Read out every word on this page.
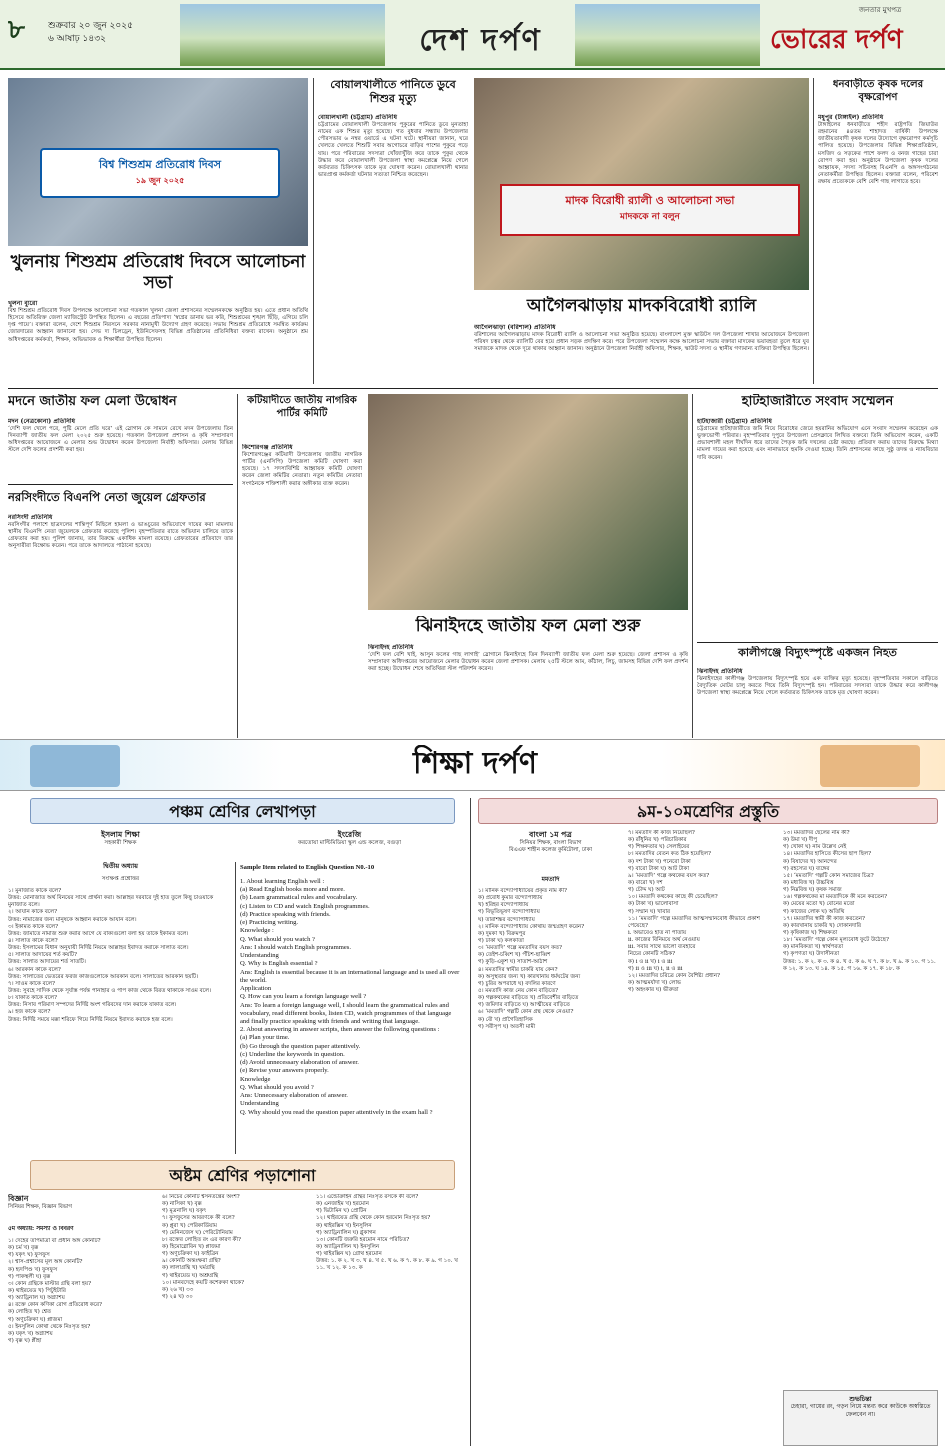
৮	শুক্রবার ২০ জুন ২০২৫
৬ আষাঢ় ১৪৩২	দেশ দর্পণ
জনতার মুখপত্র
ভোরের দর্পণ
বিশ্ব শিশুশ্রম প্রতিরোধ দিবস
১৯ জুন ২০২৫
খুলনায় শিশুশ্রম প্রতিরোধ দিবসে আলোচনা সভা
খুলনা ব্যুরো
বিশ্ব শিশুশ্রম প্রতিরোধ দিবস উপলক্ষে আলোচনা সভা গতকাল খুলনা জেলা প্রশাসনের সম্মেলনকক্ষে অনুষ্ঠিত হয়। এতে প্রধান অতিথি হিসেবে অতিরিক্ত জেলা ম্যাজিস্ট্রেট উপস্থিত ছিলেন। এ বছরের প্রতিপাদ্য ‘স্বপ্নের ডানায় ভর করি, শিশুশ্রমের শৃঙ্খল ছিঁড়ি, এগিয়ে চলি দৃপ্ত পায়ে’। বক্তারা বলেন, দেশে শিশুশ্রম নিরসনে সরকার নানামুখী উদ্যোগ গ্রহণ করেছে। সভায় শিশুশ্রম প্রতিরোধে সমন্বিত কার্যক্রম জোরদারের আহ্বান জানানো হয়। সেভ দ্য চিলড্রেন, ইউনিসেফসহ বিভিন্ন প্রতিষ্ঠানের প্রতিনিধিরা বক্তব্য রাখেন। অনুষ্ঠানে শ্রম অধিদপ্তরের কর্মকর্তা, শিক্ষক, অভিভাবক ও শিক্ষার্থীরা উপস্থিত ছিলেন।
বোয়ালখালীতে পানিতে ডুবে শিশুর মৃত্যু
বোয়ালখালী (চট্টগ্রাম) প্রতিনিধি
চট্টগ্রামের বোয়ালখালী উপজেলায় পুকুরের পানিতে ডুবে মুনতাহা নামের এক শিশুর মৃত্যু হয়েছে। গত বুধবার সন্ধ্যায় উপজেলার পৌরসভার ৬ নম্বর ওয়ার্ডে এ ঘটনা ঘটে। স্থানীয়রা জানান, ঘরে খেলতে খেলতে শিশুটি সবার অগোচরে বাড়ির পাশের পুকুরে পড়ে যায়। পরে পরিবারের সদস্যরা খোঁজাখুঁজি করে তাকে পুকুর থেকে উদ্ধার করে বোয়ালখালী উপজেলা স্বাস্থ্য কমপ্লেক্সে নিয়ে গেলে কর্তব্যরত চিকিৎসক তাকে মৃত ঘোষণা করেন। বোয়ালখালী থানার ভারপ্রাপ্ত কর্মকর্তা ঘটনার সত্যতা নিশ্চিত করেছেন।
মাদক বিরোধী র‍্যালী ও আলোচনা সভা
মাদককে না বলুন
আগৈলঝাড়ায় মাদকবিরোধী র‍্যালি
আগৈলঝাড়া (বরিশাল) প্রতিনিধি
বরিশালের আগৈলঝাড়ায় মাদক বিরোধী র‍্যালি ও আলোচনা সভা অনুষ্ঠিত হয়েছে। বাংলাদেশ মুক্ত স্কাউটস দল উপজেলা শাখার আয়োজনে উপজেলা পরিষদ চত্বর থেকে র‍্যালিটি বের হয়ে প্রধান সড়ক প্রদক্ষিণ করে। পরে উপজেলা সম্মেলন কক্ষে আলোচনা সভায় বক্তারা মাদকের ভয়াবহতা তুলে ধরে যুব সমাজকে মাদক থেকে দূরে থাকার আহ্বান জানান। অনুষ্ঠানে উপজেলা নির্বাহী অফিসার, শিক্ষক, স্কাউট সদস্য ও স্থানীয় গণ্যমান্য ব্যক্তিরা উপস্থিত ছিলেন।
ধনবাড়ীতে কৃষক দলের বৃক্ষরোপণ
মধুপুর (টাঙ্গাইল) প্রতিনিধি
টাঙ্গাইলের ধনবাড়ীতে শহীদ রাষ্ট্রপতি জিয়াউর রহমানের ৪৪তম শাহাদত বার্ষিকী উপলক্ষে জাতীয়তাবাদী কৃষক দলের উদ্যোগে বৃক্ষরোপণ কর্মসূচি পালিত হয়েছে। উপজেলার বিভিন্ন শিক্ষাপ্রতিষ্ঠান, মসজিদ ও সড়কের পাশে ফলদ ও বনজ গাছের চারা রোপণ করা হয়। অনুষ্ঠানে উপজেলা কৃষক দলের আহ্বায়ক, সদস্য সচিবসহ বিএনপি ও অঙ্গসংগঠনের নেতাকর্মীরা উপস্থিত ছিলেন। বক্তারা বলেন, পরিবেশ রক্ষায় প্রত্যেককে বেশি বেশি গাছ লাগাতে হবে।
মদনে জাতীয় ফল মেলা উদ্বোধন
মদন (নেত্রকোনা) প্রতিনিধি
‘দেশি ফল খেলে পরে, পুষ্টি মেলে প্রতি ঘরে’ এই স্লোগান কে সামনে রেখে মদন উপজেলায় তিন দিনব্যাপী জাতীয় ফল মেলা ২০২৫ শুরু হয়েছে। গতকাল উপজেলা প্রশাসন ও কৃষি সম্প্রসারণ অধিদপ্তরের আয়োজনে এ মেলার শুভ উদ্বোধন করেন উপজেলা নির্বাহী অফিসার। মেলায় বিভিন্ন স্টলে দেশি ফলের প্রদর্শনী করা হয়।
কটিয়াদীতে জাতীয় নাগরিক পার্টির কমিটি
কিশোরগঞ্জ প্রতিনিধি
কিশোরগঞ্জের কটিয়াদী উপজেলায় জাতীয় নাগরিক পার্টির (এনসিপি) উপজেলা কমিটি ঘোষণা করা হয়েছে। ১৭ সদস্যবিশিষ্ট আহ্বায়ক কমিটি ঘোষণা করেন জেলা কমিটির নেতারা। নতুন কমিটির নেতারা সংগঠনকে শক্তিশালী করার অঙ্গীকার ব্যক্ত করেন।
নরসিংদীতে বিএনপি নেতা জুয়েল গ্রেফতার
নরসিংদী প্রতিনিধি
নরসিংদীর পলাশে ছাত্রদলের শান্তিপূর্ণ মিছিলে হামলা ও ভাঙচুরের অভিযোগে দায়ের করা মামলায় স্থানীয় বিএনপি নেতা জুয়েলকে গ্রেফতার করেছে পুলিশ। বৃহস্পতিবার রাতে অভিযান চালিয়ে তাকে গ্রেফতার করা হয়। পুলিশ জানায়, তার বিরুদ্ধে একাধিক মামলা রয়েছে। গ্রেফতারের প্রতিবাদে তার অনুসারীরা বিক্ষোভ করেন। পরে তাকে আদালতে পাঠানো হয়েছে।
ঝিনাইদহে জাতীয় ফল মেলা শুরু
ঝিনাইদহ প্রতিনিধি
‘দেশি ফল বেশি খাই, আসুন ফলের গাছ লাগাই’ স্লোগানে ঝিনাইদহে তিন দিনব্যাপী জাতীয় ফল মেলা শুরু হয়েছে। জেলা প্রশাসন ও কৃষি সম্প্রসারণ অধিদপ্তরের আয়োজনে মেলার উদ্বোধন করেন জেলা প্রশাসক। মেলায় ২৫টি স্টলে আম, কাঁঠাল, লিচু, জামসহ বিভিন্ন দেশি ফল প্রদর্শন করা হচ্ছে। উদ্বোধন শেষে অতিথিরা স্টল পরিদর্শন করেন।
হাটহাজারীতে সংবাদ সম্মেলন
হাটহাজারী (চট্টগ্রাম) প্রতিনিধি
চট্টগ্রামের হাটহাজারীতে জমি নিয়ে বিরোধের জেরে হয়রানির অভিযোগ এনে সংবাদ সম্মেলন করেছেন এক ভুক্তভোগী পরিবার। বৃহস্পতিবার দুপুরে উপজেলা প্রেসক্লাবে লিখিত বক্তব্যে তিনি অভিযোগ করেন, একটি প্রভাবশালী মহল দীর্ঘদিন ধরে তাদের পৈতৃক জমি দখলের চেষ্টা করছে। প্রতিবাদ করায় তাদের বিরুদ্ধে মিথ্যা মামলা দায়ের করা হয়েছে এবং নানাভাবে হুমকি দেওয়া হচ্ছে। তিনি প্রশাসনের কাছে সুষ্ঠু তদন্ত ও ন্যায়বিচার দাবি করেন।
কালীগঞ্জে বিদ্যুৎস্পৃষ্টে একজন নিহত
ঝিনাইদহ প্রতিনিধি
ঝিনাইদহের কালীগঞ্জ উপজেলায় বিদ্যুৎস্পৃষ্ট হয়ে এক ব্যক্তির মৃত্যু হয়েছে। বৃহস্পতিবার সকালে বাড়িতে বৈদ্যুতিক মোটর চালু করতে গিয়ে তিনি বিদ্যুৎস্পৃষ্ট হন। পরিবারের সদস্যরা তাকে উদ্ধার করে কালীগঞ্জ উপজেলা স্বাস্থ্য কমপ্লেক্সে নিয়ে গেলে কর্তব্যরত চিকিৎসক তাকে মৃত ঘোষণা করেন।
শিক্ষা দর্পণ
পঞ্চম শ্রেণির লেখাপড়া
ইসলাম শিক্ষা
সহকারী শিক্ষক
ইংরেজি
করতোয়া মাল্টিমিডিয়া স্কুল এন্ড কলেজ, বগুড়া
দ্বিতীয় অধ্যায়
সংক্ষিপ্ত প্রশ্নোত্তর
১। মুনাজাত কাকে বলে?
উত্তর: মোনাজাত অর্থ বিনয়ের সাথে প্রার্থনা করা। আল্লাহর দরবারে দুই হাত তুলে কিছু চাওয়াকে মুনাজাত বলে।
২। আযান কাকে বলে?
উত্তর: নামাজের জন্য মানুষকে আহ্বান করাকে আযান বলে।
৩। ইকামত কাকে বলে?
উত্তর: জামাতে নামাজ শুরু করার আগে যে বাক্যগুলো বলা হয় তাকে ইকামত বলে।
৪। সালাত কাকে বলে?
উত্তর: ইসলামের বিধান অনুযায়ী নির্দিষ্ট নিয়মে আল্লাহর ইবাদত করাকে সালাত বলে।
৫। সালাত আদায়ের শর্ত কয়টি?
উত্তর: সালাত আদায়ের শর্ত সাতটি।
৬। আরকান কাকে বলে?
উত্তর: সালাতের ভেতরের ফরজ কাজগুলোকে আরকান বলে। সালাতের আরকান ছয়টি।
৭। সাওম কাকে বলে?
উত্তর: সুবহে সাদিক থেকে সূর্যাস্ত পর্যন্ত পানাহার ও পাপ কাজ থেকে বিরত থাকাকে সাওম বলে।
৮। যাকাত কাকে বলে?
উত্তর: নিসাব পরিমাণ সম্পদের নির্দিষ্ট অংশ গরিবদের দান করাকে যাকাত বলে।
৯। হজ কাকে বলে?
উত্তর: নির্দিষ্ট সময়ে মক্কা শরিফে গিয়ে নির্দিষ্ট নিয়মে ইবাদত করাকে হজ বলে।
Sample Item related to English Question N0.-10
1. About learning English well :
(a) Read English books more and more.
(b) Learn grammatical rules and vocabulary.
(c) Listen to CD and watch English programmes.
(d) Practice speaking with friends.
(e) Practicing writing.
Knowledge :
Q. What should you watch ?
Ans: I should watch English programmes.
Understanding
Q. Why is English essential ?
Ans: English is essential because it is an international language and is used all over the world.
Application
Q. How can you learn a foreign language well ?
Ans: To learn a foreign language well, I should learn the grammatical rules and vocabulary, read different books, listen CD, watch programmes of that language and finally practice speaking with friends and writing that language.
2. About answering in answer scripts, then answer the following questions :
(a) Plan your time.
(b) Go through the question paper attentively.
(c) Underline the keywords in question.
(d) Avoid unnecessary elaboration of answer.
(e) Revise your answers properly.
Knowledge
Q. What should you avoid ?
Ans: Unnecessary elaboration of answer.
Understanding
Q. Why should you read the question paper attentively in the exam hall ?
অষ্টম শ্রেণির পড়াশোনা
বিজ্ঞান
সিনিয়র শিক্ষক, বিজ্ঞান বিভাগ
৫ম অধ্যায়: সমস্যা ও বিবরণ
১। দেহের তাপমাত্রা বা প্রধান অঙ্গ কোনটি?
ক) চর্ম খ) বৃক্ক
গ) যকৃৎ ঘ) ফুসফুস
২। শ্বাস-প্রশ্বাসের মূল অঙ্গ কোনটি?
ক) হৃদপিণ্ড খ) ফুসফুস
গ) পাকস্থলী ঘ) বৃক্ক
৩। কোন গ্রন্থিকে মাস্টার গ্রন্থি বলা হয়?
ক) থাইরয়েড খ) পিটুইটারি
গ) অ্যাড্রিনাল ঘ) অগ্ন্যাশয়
৪। রক্তে কোন কণিকা রোগ প্রতিরোধ করে?
ক) লোহিত খ) শ্বেত
গ) অণুচক্রিকা ঘ) প্লাজমা
৫। ইনসুলিন কোথা থেকে নিঃসৃত হয়?
ক) যকৃৎ খ) অগ্ন্যাশয়
গ) বৃক্ক ঘ) প্লীহা
৬। নিচের কোনটি শ্বসনতন্ত্রের অংশ?
ক) নাসিকা খ) বৃক্ক
গ) মূত্রনালি ঘ) যকৃৎ
৭। ফুসফুসের আবরণকে কী বলে?
ক) প্লুরা খ) পেরিকার্ডিয়াম
গ) মেনিনজেস ঘ) পেরিটোনিয়াম
৮। রক্তের লোহিত রং এর কারণ কী?
ক) হিমোগ্লোবিন খ) প্লাজমা
গ) অণুচক্রিকা ঘ) ফাইব্রিন
৯। কোনটি অন্তঃক্ষরা গ্রন্থি?
ক) লালাগ্রন্থি খ) ঘর্মগ্রন্থি
গ) থাইরয়েড ঘ) অশ্রুগ্রন্থি
১০। মানবদেহে কয়টি কশেরুকা থাকে?
ক) ২৬ খ) ৩৩
গ) ২৪ ঘ) ৩০
১১। এন্ডোক্রাইন গ্রন্থির নিঃসৃত রসকে কী বলে?
ক) এনজাইম খ) হরমোন
গ) ভিটামিন ঘ) প্রোটিন
১২। থাইরয়েড গ্রন্থি থেকে কোন হরমোন নিঃসৃত হয়?
ক) থাইরক্সিন খ) ইনসুলিন
গ) অ্যাড্রিনালিন ঘ) গ্লুকাগন
১৩। কোনটি জরুরি হরমোন নামে পরিচিত?
ক) অ্যাড্রিনালিন খ) ইনসুলিন
গ) থাইরক্সিন ঘ) গ্রোথ হরমোন
উত্তর: ১. ক ২. খ ৩. খ ৪. খ ৫. খ ৬. ক ৭. ক ৮. ক ৯. গ ১০. খ ১১. খ ১২. ক ১৩. ক
৯ম-১০মশ্রেণির প্রস্তুতি
বাংলা ১ম পত্র
সিনিয়র শিক্ষক, বাংলা বিভাগ
বিএএফ শাহীন কলেজ কুর্মিটোলা, ঢাকা
মমতাদি
১। মানিক বন্দ্যোপাধ্যায়ের প্রকৃত নাম কী?
ক) প্রবোধ কুমার বন্দ্যোপাধ্যায়
খ) হরিহর বন্দ্যোপাধ্যায়
গ) বিভূতিভূষণ বন্দ্যোপাধ্যায়
ঘ) তারাশঙ্কর বন্দ্যোপাধ্যায়
২। মানিক বন্দ্যোপাধ্যায় কোথায় জন্মগ্রহণ করেন?
ক) দুমকা খ) বিক্রমপুর
গ) ঢাকা ঘ) কলকাতা
৩। ‘মমতাদি’ গল্পে মমতাদির বয়স কত?
ক) তেইশ-চব্বিশ খ) পঁচিশ-ছাব্বিশ
গ) কুড়ি-একুশ ঘ) সাতাশ-আঠাশ
৪। মমতাদির স্বামীর চাকরি যায় কেন?
ক) অসুস্থতার জন্য খ) কারখানায় ধর্মঘটের জন্য
গ) চুরির অপরাধে ঘ) বদলির কারণে
৫। মমতাদি কাজ নেয় কোন বাড়িতে?
ক) গল্পকথকের বাড়িতে খ) প্রতিবেশীর বাড়িতে
গ) জমিদার বাড়িতে ঘ) আত্মীয়ের বাড়িতে
৬। ‘মমতাদি’ গল্পটি কোন গ্রন্থ থেকে নেওয়া?
ক) বৌ খ) প্রাগৈতিহাসিক
গ) সরীসৃপ ঘ) অতসী মামী
৭। মমতাদি কী কাজ নিয়েছিল?
ক) রাঁধুনির খ) পরিচারিকার
গ) শিক্ষকতার ঘ) সেলাইয়ের
৮। মমতাদির বেতন কত ঠিক হয়েছিল?
ক) দশ টাকা খ) পনেরো টাকা
গ) বারো টাকা ঘ) আট টাকা
৯। ‘মমতাদি’ গল্পে কথকের বয়স কত?
ক) বারো খ) দশ
গ) চৌদ্দ ঘ) আট
১০। মমতাদি কথকের কাছে কী চেয়েছিল?
ক) টাকা খ) ভালোবাসা
গ) সম্মান ঘ) খাবার
১১। ‘মমতাদি’ গল্পে মমতাদির আত্মসম্মানবোধ কীভাবে প্রকাশ পেয়েছে?
i. অভাবেও হাত না পাতায়
ii. কাজের বিনিময়ে অর্থ নেওয়ায়
iii. সবার সাথে ভালো ব্যবহারে
নিচের কোনটি সঠিক?
ক) i ও ii খ) i ও iii
গ) ii ও iii ঘ) i, ii ও iii
১২। মমতাদির চরিত্রে কোন বৈশিষ্ট্য প্রধান?
ক) আত্মমর্যাদা খ) লোভ
গ) অহংকার ঘ) ভীরুতা
১৩। মমতাদির ছেলের নাম কী?
ক) উমা খ) দীপু
গ) খোকা ঘ) নাম উল্লেখ নেই
১৪। মমতাদির হাসিতে কীসের ছাপ ছিল?
ক) বিষাদের খ) আনন্দের
গ) রহস্যের ঘ) ব্যঙ্গের
১৫। ‘মমতাদি’ গল্পটি কোন সমাজের চিত্র?
ক) মধ্যবিত্ত খ) উচ্চবিত্ত
গ) নিম্নবিত্ত ঘ) কৃষক সমাজ
১৬। গল্পকথকের মা মমতাদিকে কী মনে করতেন?
ক) মেয়ের মতো খ) বোনের মতো
গ) কাজের লোক ঘ) অতিথি
১৭। মমতাদির স্বামী কী কাজ করতেন?
ক) কারখানায় চাকরি খ) দোকানদারি
গ) কৃষিকাজ ঘ) শিক্ষকতা
১৮। ‘মমতাদি’ গল্পে কোন মূল্যবোধ ফুটে উঠেছে?
ক) মানবিকতা খ) স্বার্থপরতা
গ) কৃপণতা ঘ) উদাসীনতা
উত্তর: ১. ক ২. ক ৩. ক ৪. খ ৫. ক ৬. ঘ ৭. ক ৮. খ ৯. ক ১০. গ ১১. ক ১২. ক ১৩. ঘ ১৪. ক ১৫. গ ১৬. ক ১৭. ক ১৮. ক
শুভচিন্তা
চেহারা, গায়ের রং, গড়ন নিয়ে মন্তব্য করে কাউকে অস্বস্তিতে ফেলবেন না।
